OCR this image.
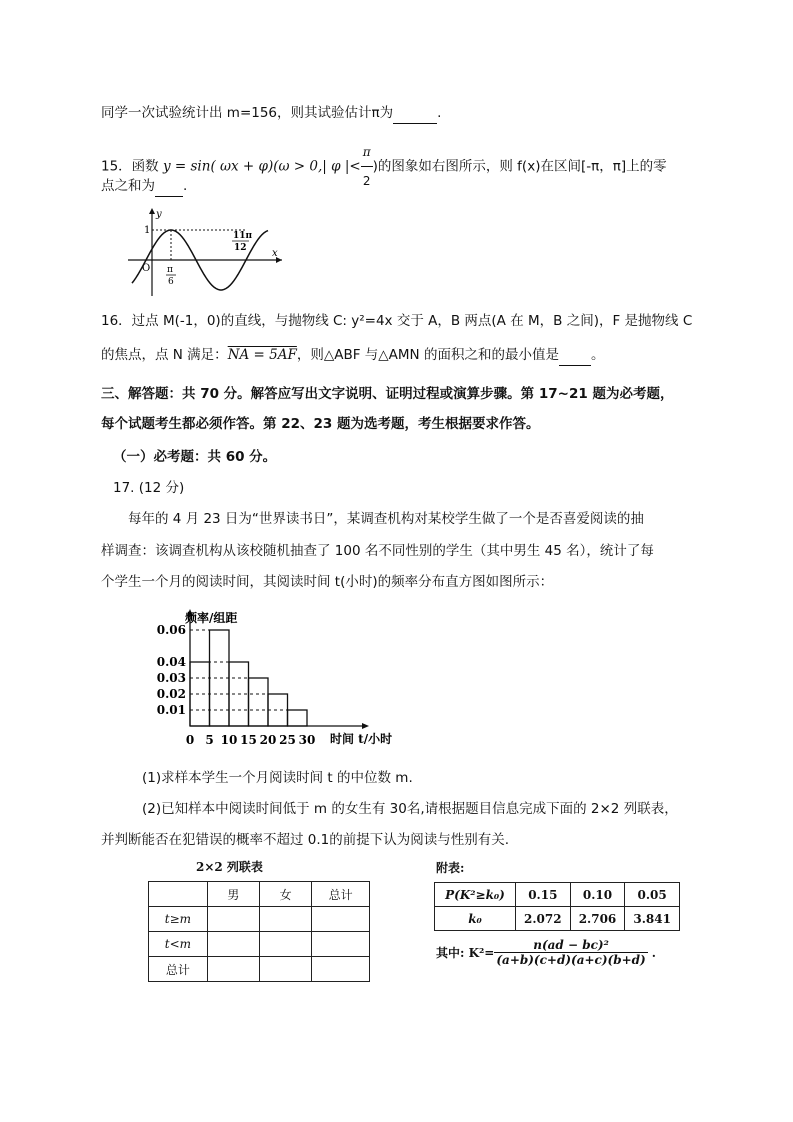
同学一次试验统计出 m=156，则其试验估计π为	.
15．函数 y = sin( ωx + φ)(ω > 0,| φ |< $\frac{\pi}{2}$ )的图象如右图所示，则 f(x)在区间[-π，π]上的零
点之和为 .
y
x
O
1
π
6
11π
12
16．过点 M(-1，0)的直线，与抛物线 C: y²=4x 交于 A，B 两点(A 在 M，B 之间)，F 是抛物线 C
的焦点，点 N 满足：NA = 5AF，则△ABF 与△AMN 的面积之和的最小值是 。
三、解答题：共 70 分。解答应写出文字说明、证明过程或演算步骤。第 17~21 题为必考题，
每个试题考生都必须作答。第 22、23 题为选考题，考生根据要求作答。
（一）必考题：共 60 分。
17. (12 分)
每年的 4 月 23 日为“世界读书日”，某调查机构对某校学生做了一个是否喜爱阅读的抽
样调查：该调查机构从该校随机抽查了 100 名不同性别的学生（其中男生 45 名），统计了每
个学生一个月的阅读时间，其阅读时间 t(小时)的频率分布直方图如图所示：
频率/组距
时间 t/小时
0.06
0.04
0.03
0.02
0.01
0 5 10 15 20 25 30
(1)求样本学生一个月阅读时间 t 的中位数 m.
(2)已知样本中阅读时间低于 m 的女生有 30名,请根据题目信息完成下面的 2×2 列联表，
并判断能否在犯错误的概率不超过 0.1的前提下认为阅读与性别有关.
2×2 列联表
	男	女	总计
t≥m			
t<m			
总计			
附表:
P(K²≥k₀)	0.15	0.10	0.05
k₀	2.072	2.706	3.841
其中: $K^2= \frac{\text{n(ad − bc)²}}{(a+b)(c+d)(a+c)(b+d)}$ .
